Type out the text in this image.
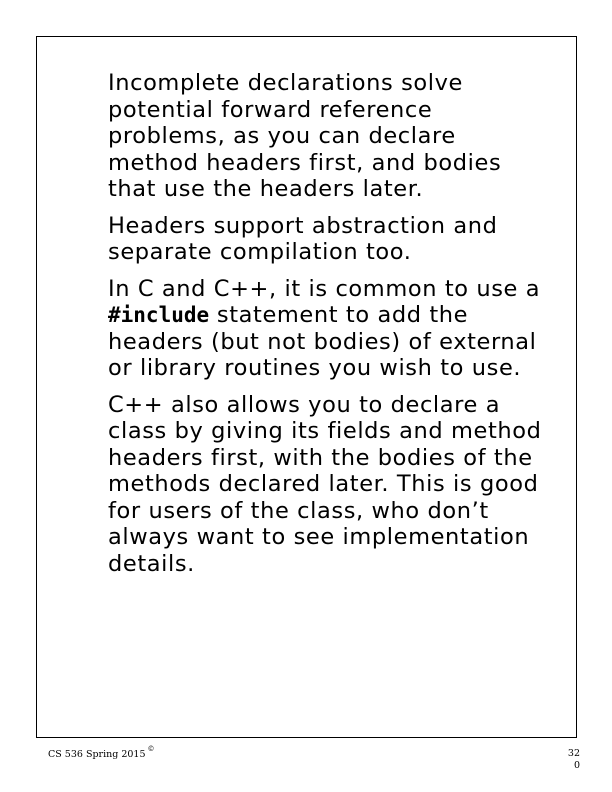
Incomplete declarations solve potential forward reference problems, as you can declare method headers first, and bodies that use the headers later.

Headers support abstraction and separate compilation too.

In C and C++, it is common to use a #include statement to add the headers (but not bodies) of external or library routines you wish to use.

C++ also allows you to declare a class by giving its fields and method headers first, with the bodies of the methods declared later. This is good for users of the class, who don’t always want to see implementation details.

CS 536 Spring 2015 ©	32
0
